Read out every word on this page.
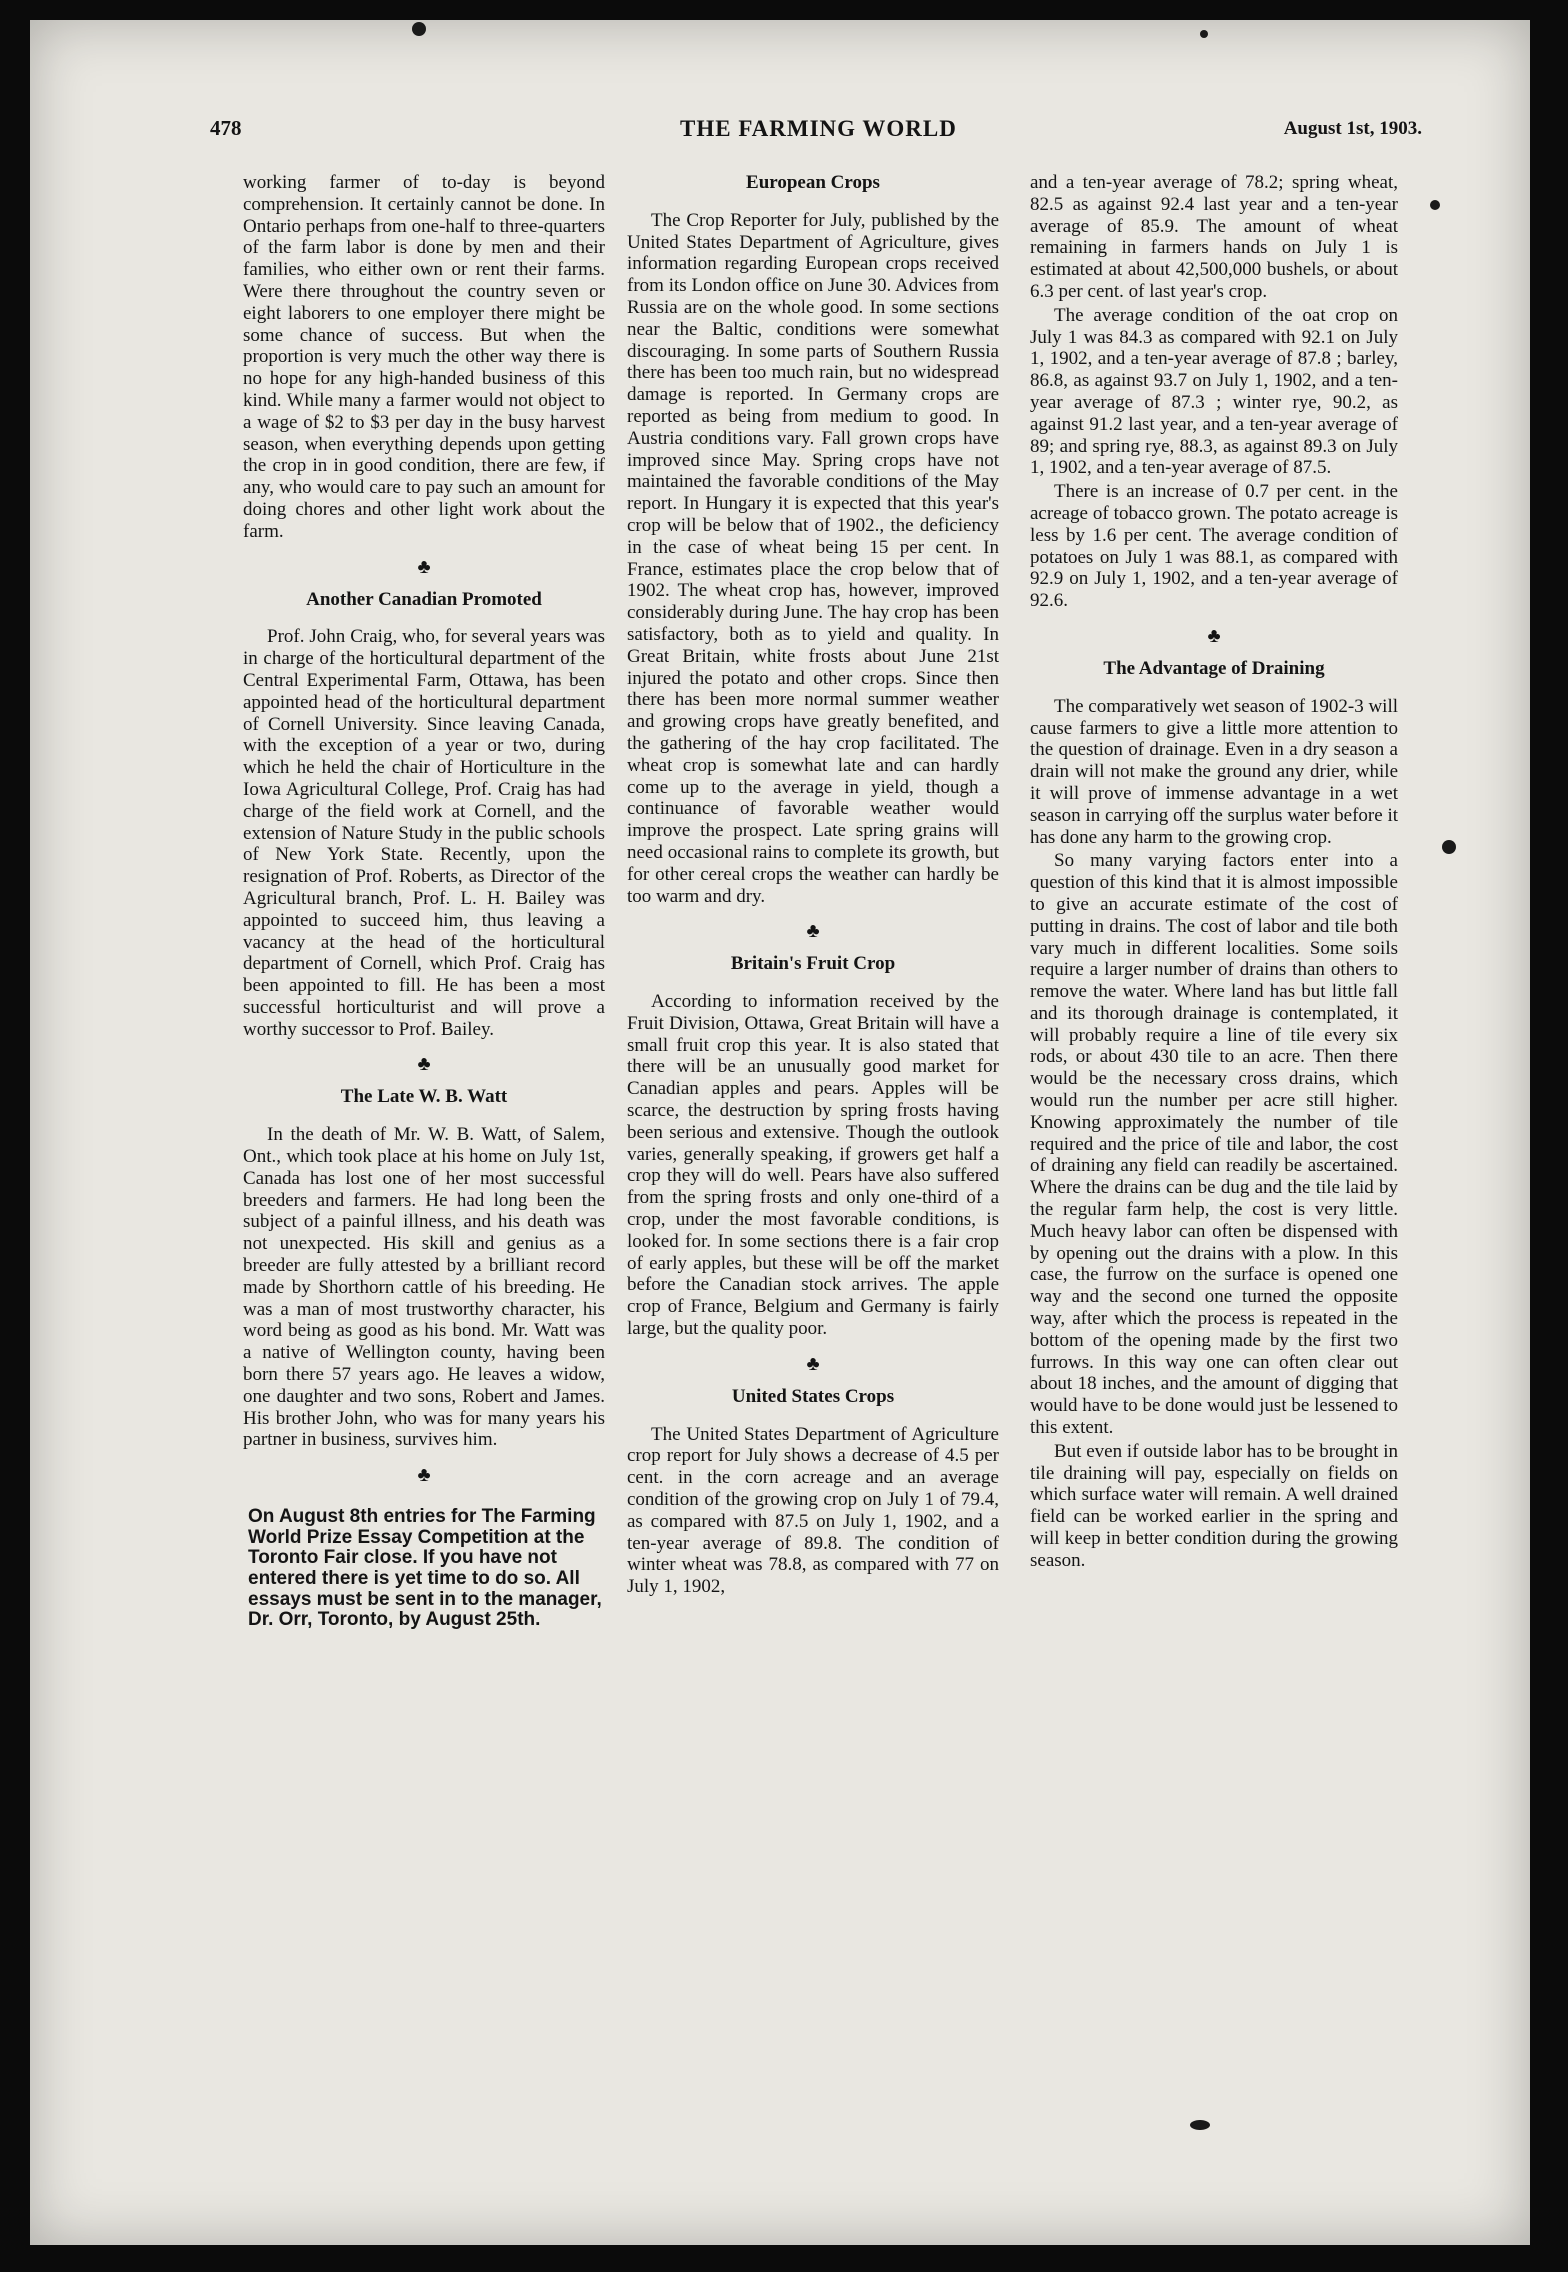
478	THE FARMING WORLD	August 1st, 1903.

working farmer of to-day is beyond comprehension. It certainly cannot be done. In Ontario perhaps from one-half to three-quarters of the farm labor is done by men and their families, who either own or rent their farms. Were there throughout the country seven or eight laborers to one employer there might be some chance of success. But when the proportion is very much the other way there is no hope for any high-handed business of this kind. While many a farmer would not object to a wage of $2 to $3 per day in the busy harvest season, when everything depends upon getting the crop in in good condition, there are few, if any, who would care to pay such an amount for doing chores and other light work about the farm.

♣
Another Canadian Promoted

Prof. John Craig, who, for several years was in charge of the horticultural department of the Central Experimental Farm, Ottawa, has been appointed head of the horticultural department of Cornell University. Since leaving Canada, with the exception of a year or two, during which he held the chair of Horticulture in the Iowa Agricultural College, Prof. Craig has had charge of the field work at Cornell, and the extension of Nature Study in the public schools of New York State. Recently, upon the resignation of Prof. Roberts, as Director of the Agricultural branch, Prof. L. H. Bailey was appointed to succeed him, thus leaving a vacancy at the head of the horticultural department of Cornell, which Prof. Craig has been appointed to fill. He has been a most successful horticulturist and will prove a worthy successor to Prof. Bailey.

♣
The Late W. B. Watt

In the death of Mr. W. B. Watt, of Salem, Ont., which took place at his home on July 1st, Canada has lost one of her most successful breeders and farmers. He had long been the subject of a painful illness, and his death was not unexpected. His skill and genius as a breeder are fully attested by a brilliant record made by Shorthorn cattle of his breeding. He was a man of most trustworthy character, his word being as good as his bond. Mr. Watt was a native of Wellington county, having been born there 57 years ago. He leaves a widow, one daughter and two sons, Robert and James. His brother John, who was for many years his partner in business, survives him.

♣
On August 8th entries for The Farming World Prize Essay Competition at the Toronto Fair close. If you have not entered there is yet time to do so. All essays must be sent in to the manager, Dr. Orr, Toronto, by August 25th.
European Crops

The Crop Reporter for July, published by the United States Department of Agriculture, gives information regarding European crops received from its London office on June 30. Advices from Russia are on the whole good. In some sections near the Baltic, conditions were somewhat discouraging. In some parts of Southern Russia there has been too much rain, but no widespread damage is reported. In Germany crops are reported as being from medium to good. In Austria conditions vary. Fall grown crops have improved since May. Spring crops have not maintained the favorable conditions of the May report. In Hungary it is expected that this year's crop will be below that of 1902., the deficiency in the case of wheat being 15 per cent. In France, estimates place the crop below that of 1902. The wheat crop has, however, improved considerably during June. The hay crop has been satisfactory, both as to yield and quality. In Great Britain, white frosts about June 21st injured the potato and other crops. Since then there has been more normal summer weather and growing crops have greatly benefited, and the gathering of the hay crop facilitated. The wheat crop is somewhat late and can hardly come up to the average in yield, though a continuance of favorable weather would improve the prospect. Late spring grains will need occasional rains to complete its growth, but for other cereal crops the weather can hardly be too warm and dry.

♣
Britain's Fruit Crop

According to information received by the Fruit Division, Ottawa, Great Britain will have a small fruit crop this year. It is also stated that there will be an unusually good market for Canadian apples and pears. Apples will be scarce, the destruction by spring frosts having been serious and extensive. Though the outlook varies, generally speaking, if growers get half a crop they will do well. Pears have also suffered from the spring frosts and only one-third of a crop, under the most favorable conditions, is looked for. In some sections there is a fair crop of early apples, but these will be off the market before the Canadian stock arrives. The apple crop of France, Belgium and Germany is fairly large, but the quality poor.

♣
United States Crops

The United States Department of Agriculture crop report for July shows a decrease of 4.5 per cent. in the corn acreage and an average condition of the growing crop on July 1 of 79.4, as compared with 87.5 on July 1, 1902, and a ten-year average of 89.8. The condition of winter wheat was 78.8, as compared with 77 on July 1, 1902,

and a ten-year average of 78.2; spring wheat, 82.5 as against 92.4 last year and a ten-year average of 85.9. The amount of wheat remaining in farmers hands on July 1 is estimated at about 42,500,000 bushels, or about 6.3 per cent. of last year's crop.

The average condition of the oat crop on July 1 was 84.3 as compared with 92.1 on July 1, 1902, and a ten-year average of 87.8 ; barley, 86.8, as against 93.7 on July 1, 1902, and a ten-year average of 87.3 ; winter rye, 90.2, as against 91.2 last year, and a ten-year average of 89; and spring rye, 88.3, as against 89.3 on July 1, 1902, and a ten-year average of 87.5.

There is an increase of 0.7 per cent. in the acreage of tobacco grown. The potato acreage is less by 1.6 per cent. The average condition of potatoes on July 1 was 88.1, as compared with 92.9 on July 1, 1902, and a ten-year average of 92.6.

♣
The Advantage of Draining

The comparatively wet season of 1902-3 will cause farmers to give a little more attention to the question of drainage. Even in a dry season a drain will not make the ground any drier, while it will prove of immense advantage in a wet season in carrying off the surplus water before it has done any harm to the growing crop.

So many varying factors enter into a question of this kind that it is almost impossible to give an accurate estimate of the cost of putting in drains. The cost of labor and tile both vary much in different localities. Some soils require a larger number of drains than others to remove the water. Where land has but little fall and its thorough drainage is contemplated, it will probably require a line of tile every six rods, or about 430 tile to an acre. Then there would be the necessary cross drains, which would run the number per acre still higher. Knowing approximately the number of tile required and the price of tile and labor, the cost of draining any field can readily be ascertained. Where the drains can be dug and the tile laid by the regular farm help, the cost is very little. Much heavy labor can often be dispensed with by opening out the drains with a plow. In this case, the furrow on the surface is opened one way and the second one turned the opposite way, after which the process is repeated in the bottom of the opening made by the first two furrows. In this way one can often clear out about 18 inches, and the amount of digging that would have to be done would just be lessened to this extent.

But even if outside labor has to be brought in tile draining will pay, especially on fields on which surface water will remain. A well drained field can be worked earlier in the spring and will keep in better condition during the growing season.
